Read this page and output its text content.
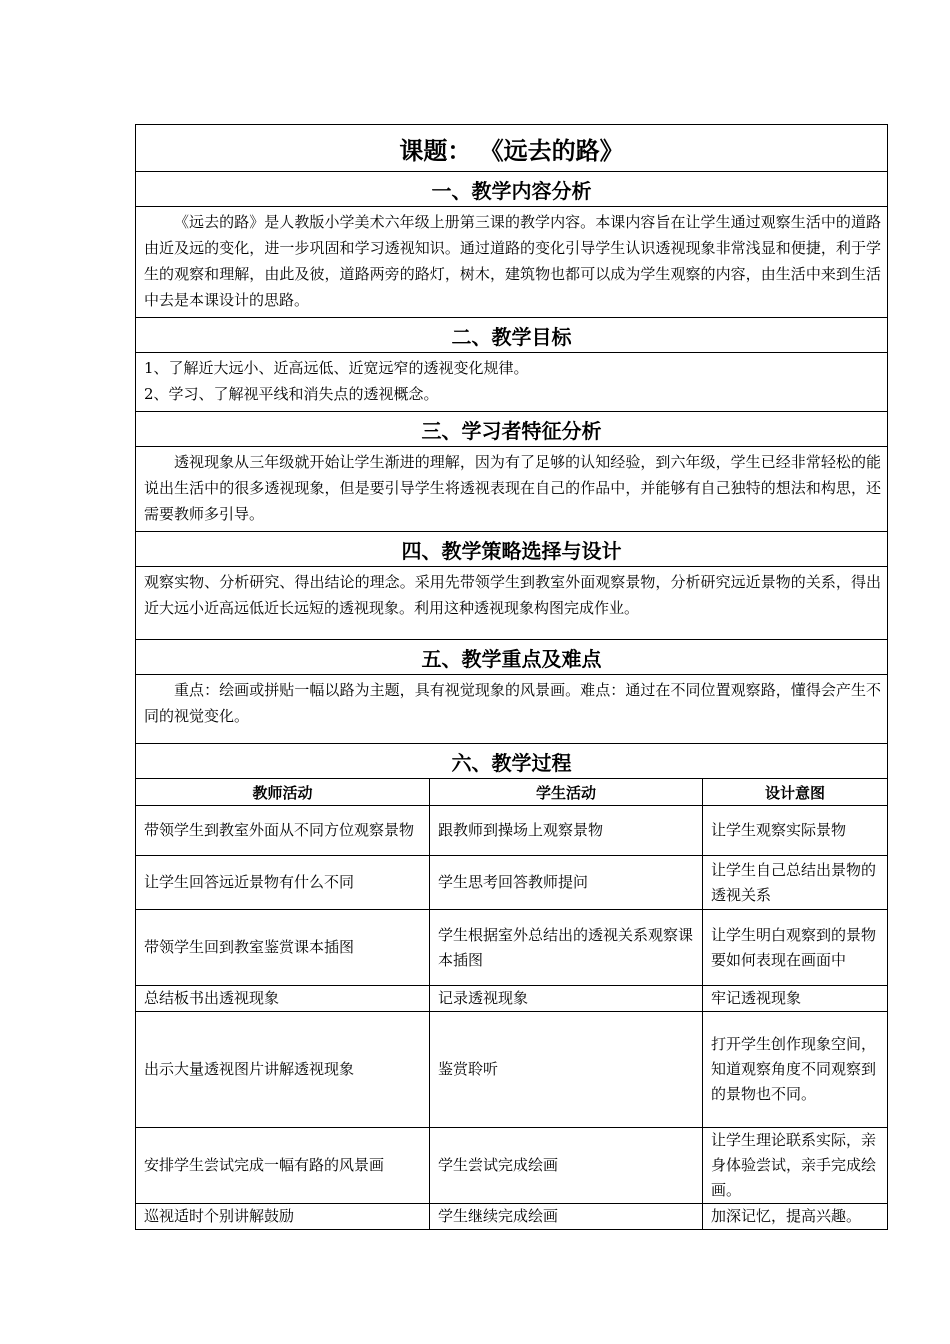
课题： 《远去的路》		
一、教学内容分析		

《远去的路》是人教版小学美术六年级上册第三课的教学内容。本课内容旨在让学生通过观察生活中的道路由近及远的变化，进一步巩固和学习透视知识。通过道路的变化引导学生认识透视现象非常浅显和便捷，利于学生的观察和理解，由此及彼，道路两旁的路灯，树木，建筑物也都可以成为学生观察的内容，由生活中来到生活中去是本课设计的思路。		

二、教学目标		

1、了解近大远小、近高远低、近宽远窄的透视变化规律。

2、学习、了解视平线和消失点的透视概念。		

三、学习者特征分析		

透视现象从三年级就开始让学生渐进的理解，因为有了足够的认知经验，到六年级，学生已经非常轻松的能说出生活中的很多透视现象，但是要引导学生将透视表现在自己的作品中，并能够有自己独特的想法和构思，还需要教师多引导。		

四、教学策略选择与设计		

观察实物、分析研究、得出结论的理念。采用先带领学生到教室外面观察景物，分析研究远近景物的关系，得出近大远小近高远低近长远短的透视现象。利用这种透视现象构图完成作业。		

五、教学重点及难点		

重点：绘画或拼贴一幅以路为主题，具有视觉现象的风景画。难点：通过在不同位置观察路，懂得会产生不同的视觉变化。		

六、教学过程		
教师活动	学生活动	设计意图
带领学生到教室外面从不同方位观察景物	跟教师到操场上观察景物	让学生观察实际景物
让学生回答远近景物有什么不同	学生思考回答教师提问	让学生自己总结出景物的透视关系
带领学生回到教室鉴赏课本插图	学生根据室外总结出的透视关系观察课本插图	让学生明白观察到的景物要如何表现在画面中
总结板书出透视现象	记录透视现象	牢记透视现象
出示大量透视图片讲解透视现象	鉴赏聆听	打开学生创作现象空间，知道观察角度不同观察到的景物也不同。
安排学生尝试完成一幅有路的风景画	学生尝试完成绘画	让学生理论联系实际，亲身体验尝试，亲手完成绘画。
巡视适时个别讲解鼓励	学生继续完成绘画	加深记忆，提高兴趣。
